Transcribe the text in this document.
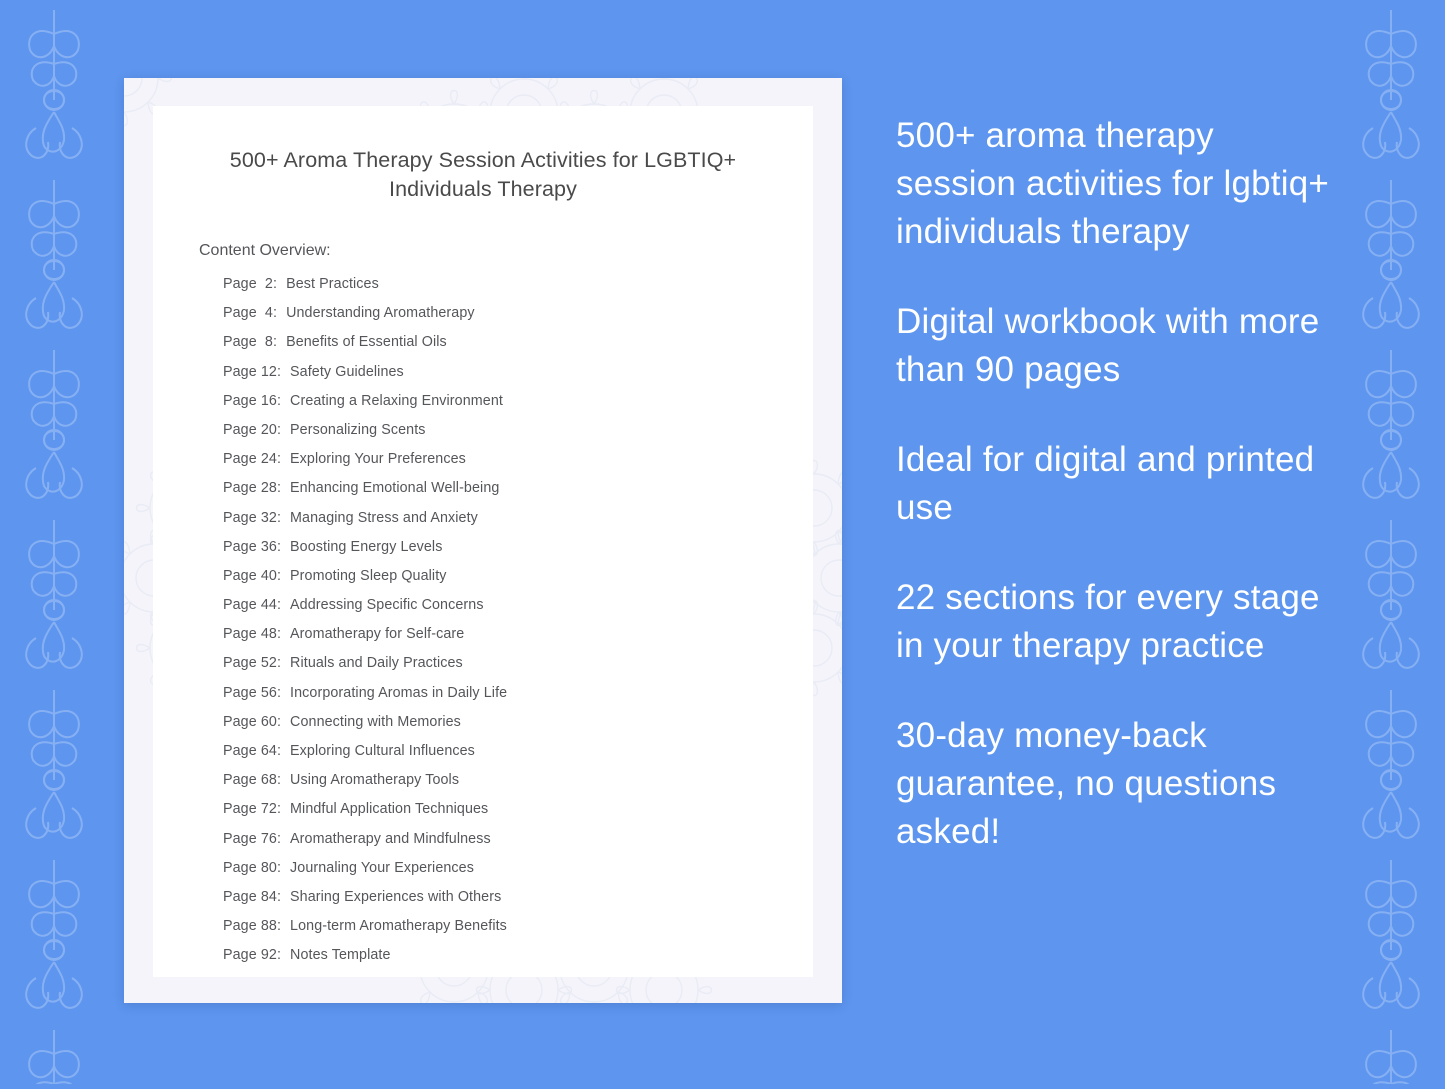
500+ Aroma Therapy Session Activities for LGBTIQ+ Individuals Therapy

Content Overview:

Page  2: Best Practices
Page  4: Understanding Aromatherapy
Page  8: Benefits of Essential Oils
Page 12: Safety Guidelines
Page 16: Creating a Relaxing Environment
Page 20: Personalizing Scents
Page 24: Exploring Your Preferences
Page 28: Enhancing Emotional Well-being
Page 32: Managing Stress and Anxiety
Page 36: Boosting Energy Levels
Page 40: Promoting Sleep Quality
Page 44: Addressing Specific Concerns
Page 48: Aromatherapy for Self-care
Page 52: Rituals and Daily Practices
Page 56: Incorporating Aromas in Daily Life
Page 60: Connecting with Memories
Page 64: Exploring Cultural Influences
Page 68: Using Aromatherapy Tools
Page 72: Mindful Application Techniques
Page 76: Aromatherapy and Mindfulness
Page 80: Journaling Your Experiences
Page 84: Sharing Experiences with Others
Page 88: Long-term Aromatherapy Benefits
Page 92: Notes Template
500+ aroma therapy session activities for lgbtiq+ individuals therapy
Digital workbook with more than 90 pages
Ideal for digital and printed use
22 sections for every stage in your therapy practice
30-day money-back guarantee, no questions asked!
